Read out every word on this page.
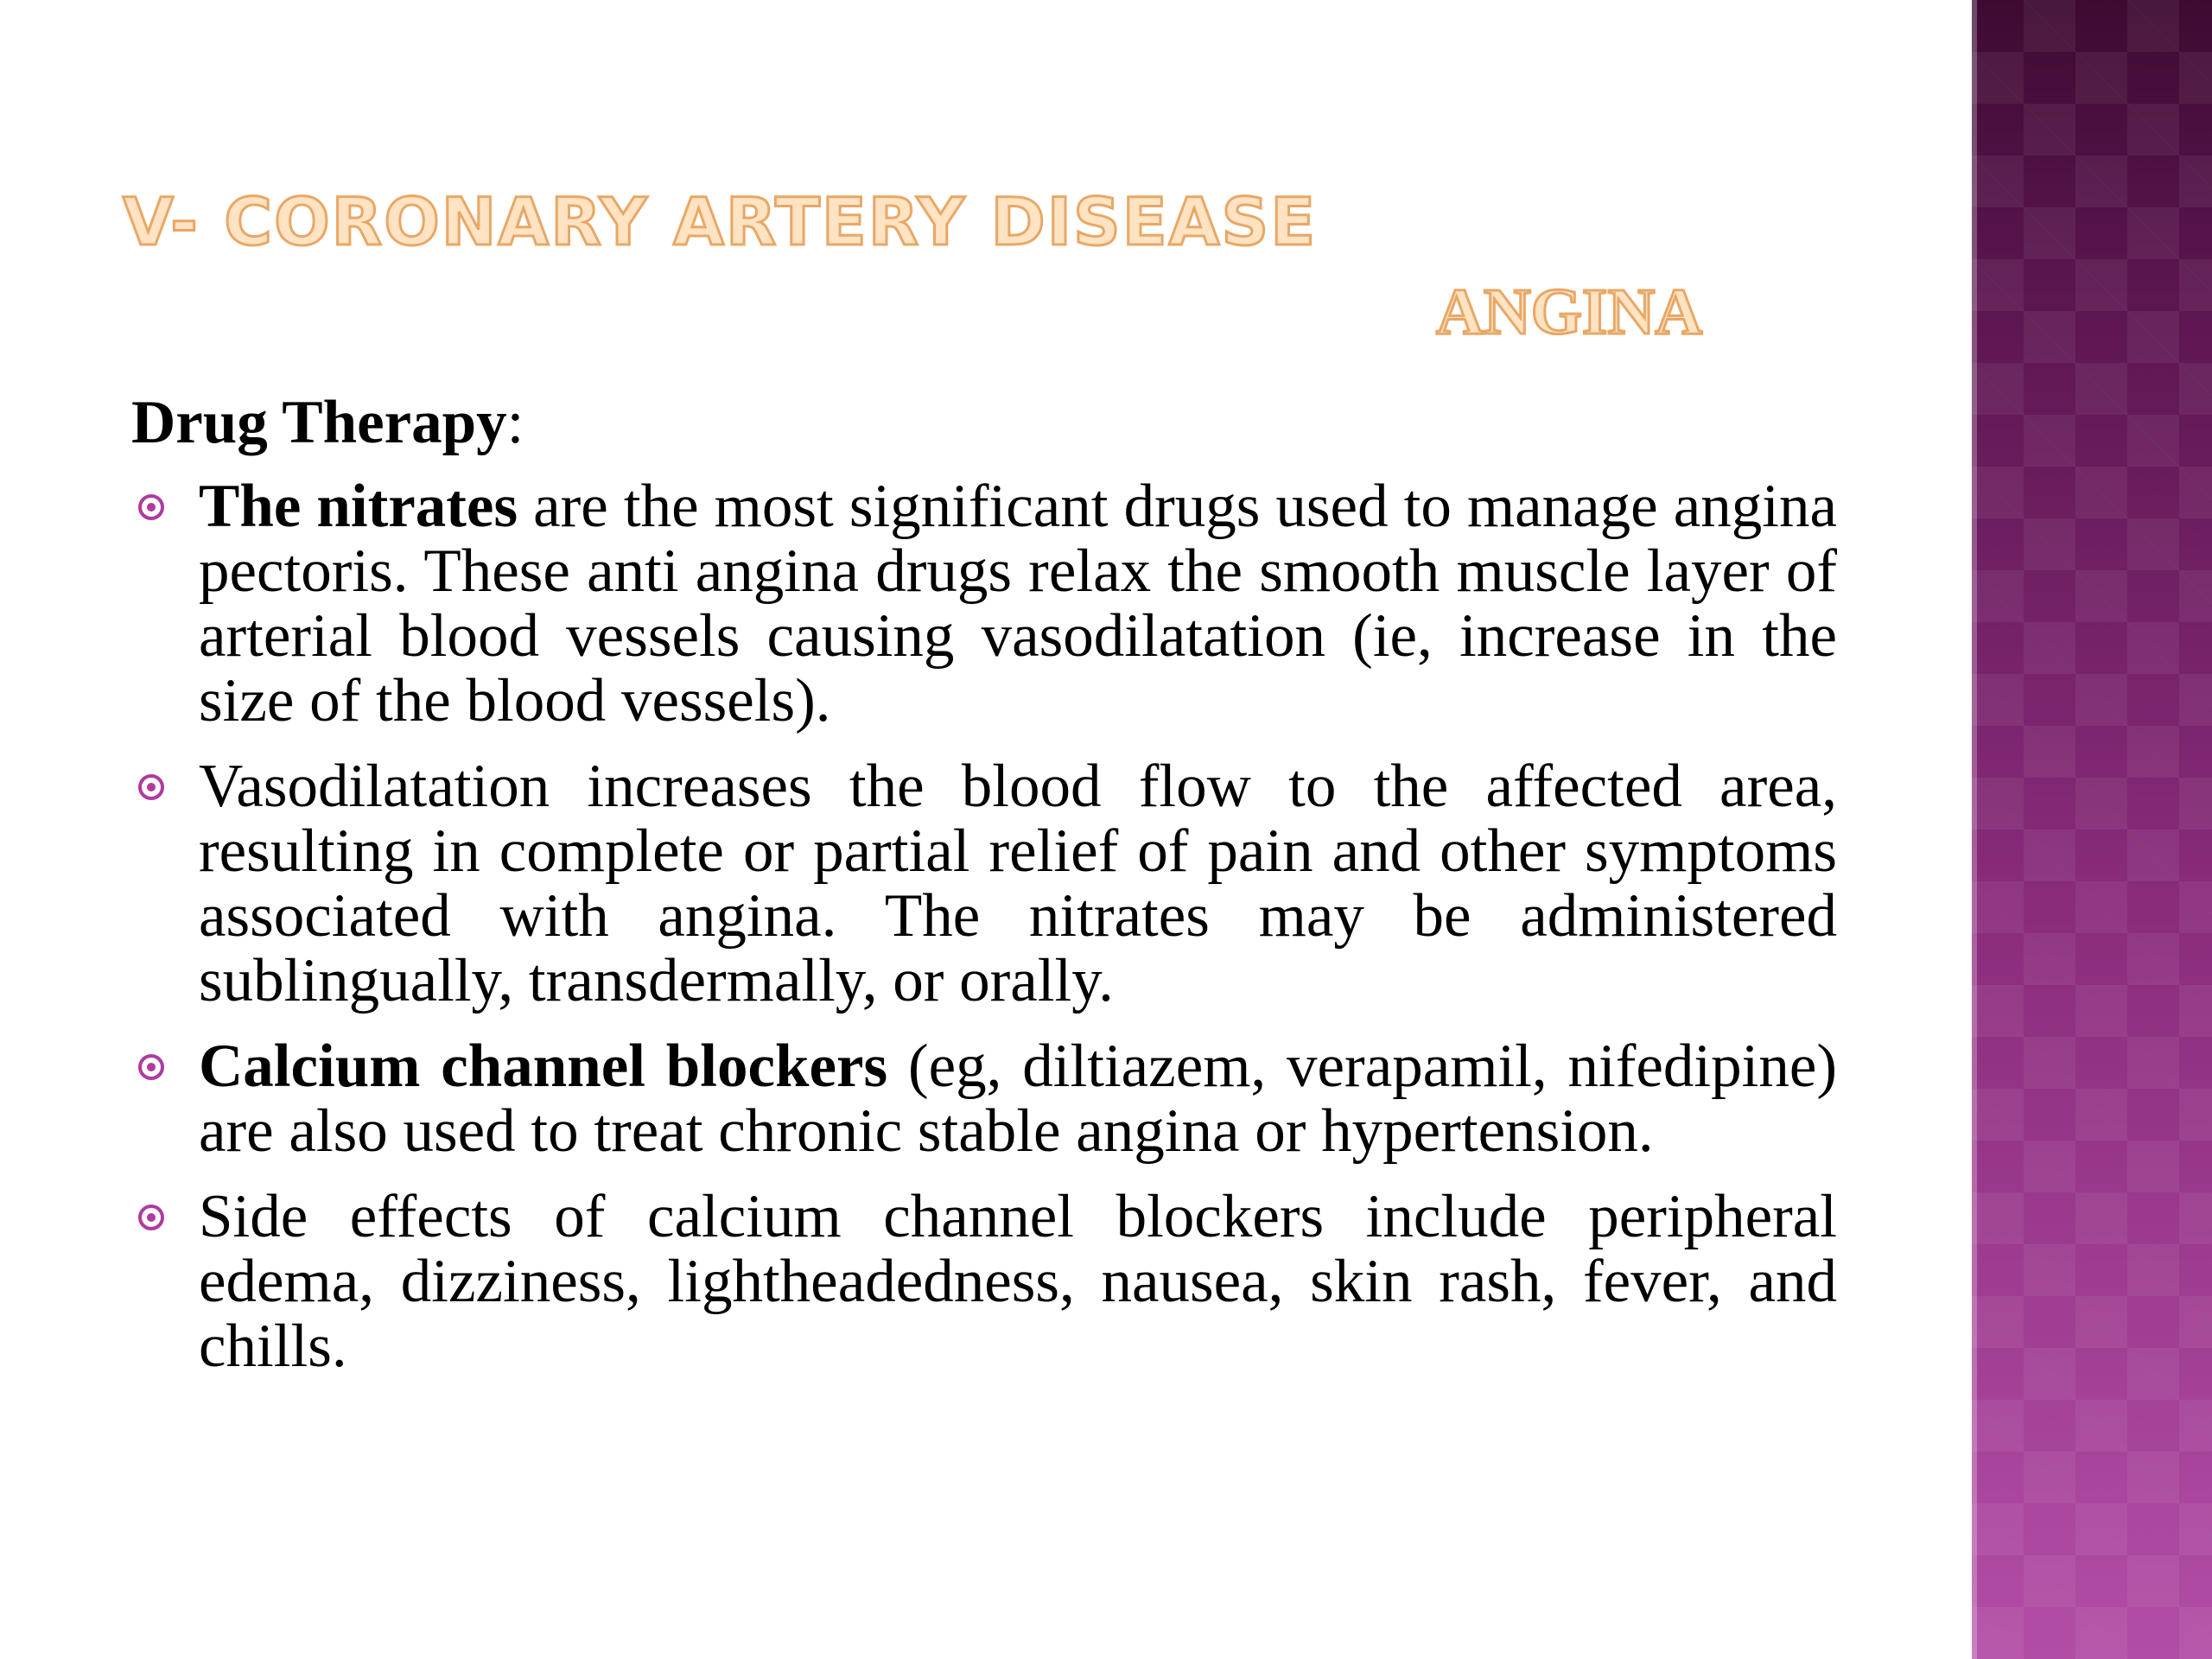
V- CORONARY ARTERY DISEASE
ANGINA
Drug Therapy:
The nitrates are the most significant drugs used to manage angina pectoris. These anti angina drugs relax the smooth muscle layer of arterial blood vessels causing vasodilatation (ie, increase in the size of the blood vessels).
Vasodilatation increases the blood flow to the affected area, resulting in complete or partial relief of pain and other symptoms associated with angina. The nitrates may be administered sublingually, transdermally, or orally.
Calcium channel blockers (eg, diltiazem, verapamil, nifedipine) are also used to treat chronic stable angina or hypertension.
Side effects of calcium channel blockers include peripheral edema, dizziness, lightheadedness, nausea, skin rash, fever, and chills.
